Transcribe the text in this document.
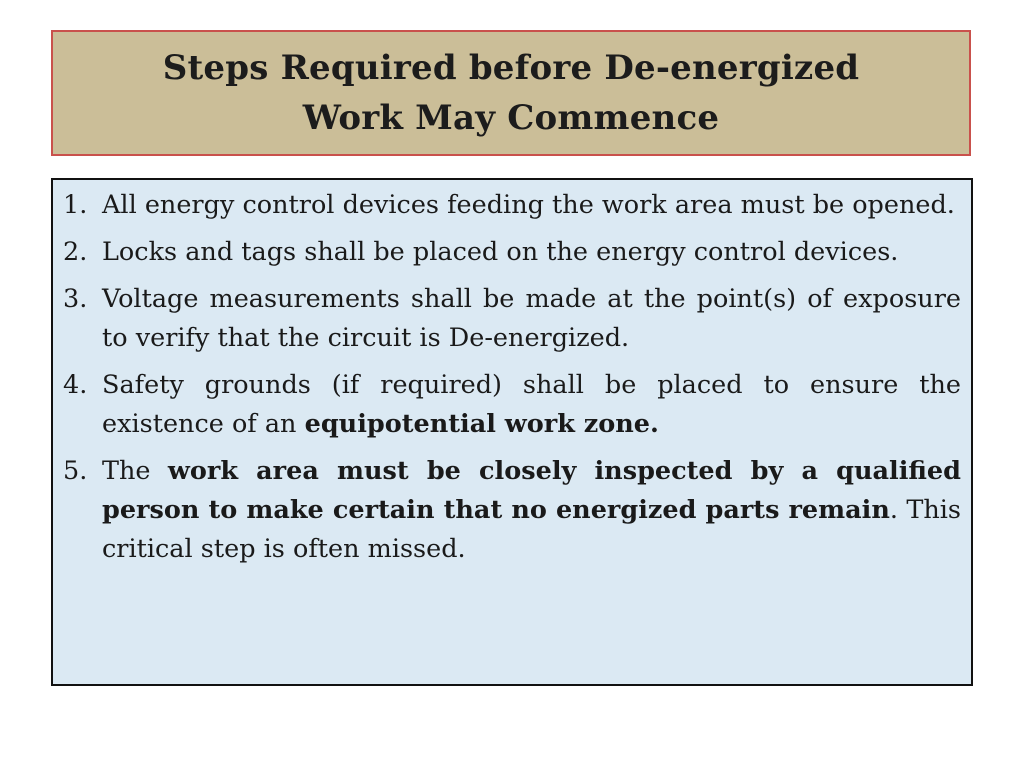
Steps Required before De-energized
Work May Commence
1. All energy control devices feeding the work area must be opened.
2. Locks and tags shall be placed on the energy control devices.
3. Voltage measurements shall be made at the point(s) of exposure to verify that the circuit is De-energized.
4. Safety grounds (if required) shall be placed to ensure the existence of an equipotential work zone.
5. The work area must be closely inspected by a qualified person to make certain that no energized parts remain. This critical step is often missed.
